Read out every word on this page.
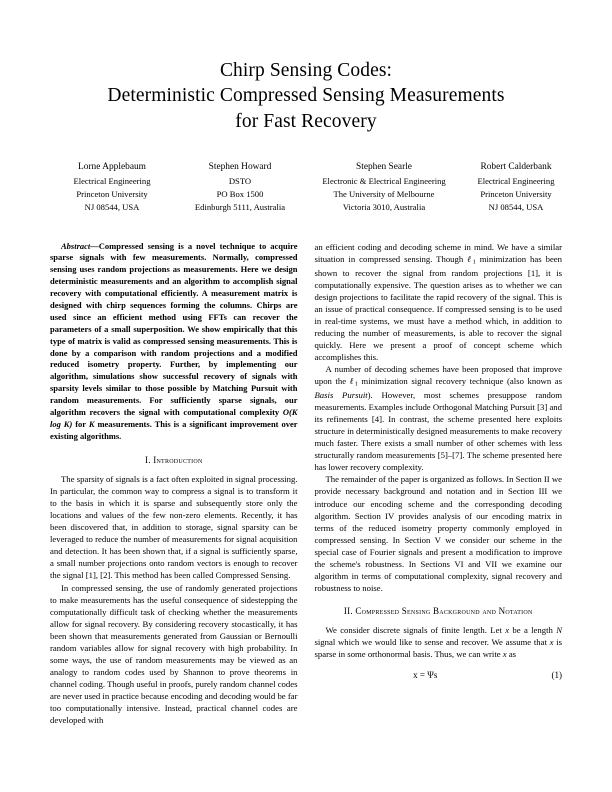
Chirp Sensing Codes:
Deterministic Compressed Sensing Measurements
for Fast Recovery
Lorne Applebaum
Electrical Engineering
Princeton University
NJ 08544, USA
Stephen Howard
DSTO
PO Box 1500
Edinburgh 5111, Australia
Stephen Searle
Electronic & Electrical Engineering
The University of Melbourne
Victoria 3010, Australia
Robert Calderbank
Electrical Engineering
Princeton University
NJ 08544, USA

Abstract—Compressed sensing is a novel technique to acquire sparse signals with few measurements. Normally, compressed sensing uses random projections as measurements. Here we design deterministic measurements and an algorithm to accomplish signal recovery with computational efficiently. A measurement matrix is designed with chirp sequences forming the columns. Chirps are used since an efficient method using FFTs can recover the parameters of a small superposition. We show empirically that this type of matrix is valid as compressed sensing measurements. This is done by a comparison with random projections and a modified reduced isometry property. Further, by implementing our algorithm, simulations show successful recovery of signals with sparsity levels similar to those possible by Matching Pursuit with random measurements. For sufficiently sparse signals, our algorithm recovers the signal with computational complexity O(K log K) for K measurements. This is a significant improvement over existing algorithms.

I. Introduction

The sparsity of signals is a fact often exploited in signal processing. In particular, the common way to compress a signal is to transform it to the basis in which it is sparse and subsequently store only the locations and values of the few non-zero elements. Recently, it has been discovered that, in addition to storage, signal sparsity can be leveraged to reduce the number of measurements for signal acquisition and detection. It has been shown that, if a signal is sufficiently sparse, a small number projections onto random vectors is enough to recover the signal [1], [2]. This method has been called Compressed Sensing.

In compressed sensing, the use of randomly generated projections to make measurements has the useful consequence of sidestepping the computationally difficult task of checking whether the measurements allow for signal recovery. By considering recovery stocastically, it has been shown that measurements generated from Gaussian or Bernoulli random variables allow for signal recovery with high probability. In some ways, the use of random measurements may be viewed as an analogy to random codes used by Shannon to prove theorems in channel coding. Though useful in proofs, purely random channel codes are never used in practice because encoding and decoding would be far too computationally intensive. Instead, practical channel codes are developed with

an efficient coding and decoding scheme in mind. We have a similar situation in compressed sensing. Though ℓ$_1$ minimization has been shown to recover the signal from random projections [1], it is computationally expensive. The question arises as to whether we can design projections to facilitate the rapid recovery of the signal. This is an issue of practical consequence. If compressed sensing is to be used in real-time systems, we must have a method which, in addition to reducing the number of measurements, is able to recover the signal quickly. Here we present a proof of concept scheme which accomplishes this.

A number of decoding schemes have been proposed that improve upon the ℓ$_1$ minimization signal recovery technique (also known as Basis Pursuit). However, most schemes presuppose random measurements. Examples include Orthogonal Matching Pursuit [3] and its refinements [4]. In contrast, the scheme presented here exploits structure in deterministically designed measurements to make recovery much faster. There exists a small number of other schemes with less structurally random measurements [5]–[7]. The scheme presented here has lower recovery complexity.

The remainder of the paper is organized as follows. In Section II we provide necessary background and notation and in Section III we introduce our encoding scheme and the corresponding decoding algorithm. Section IV provides analysis of our encoding matrix in terms of the reduced isometry property commonly employed in compressed sensing. In Section V we consider our scheme in the special case of Fourier signals and present a modification to improve the scheme's robustness. In Sections VI and VII we examine our algorithm in terms of computational complexity, signal recovery and robustness to noise.

II. Compressed Sensing Background and Notation

We consider discrete signals of finite length. Let x be a length N signal which we would like to sense and recover. We assume that x is sparse in some orthonormal basis. Thus, we can write x as

x = Ψs	(1)
